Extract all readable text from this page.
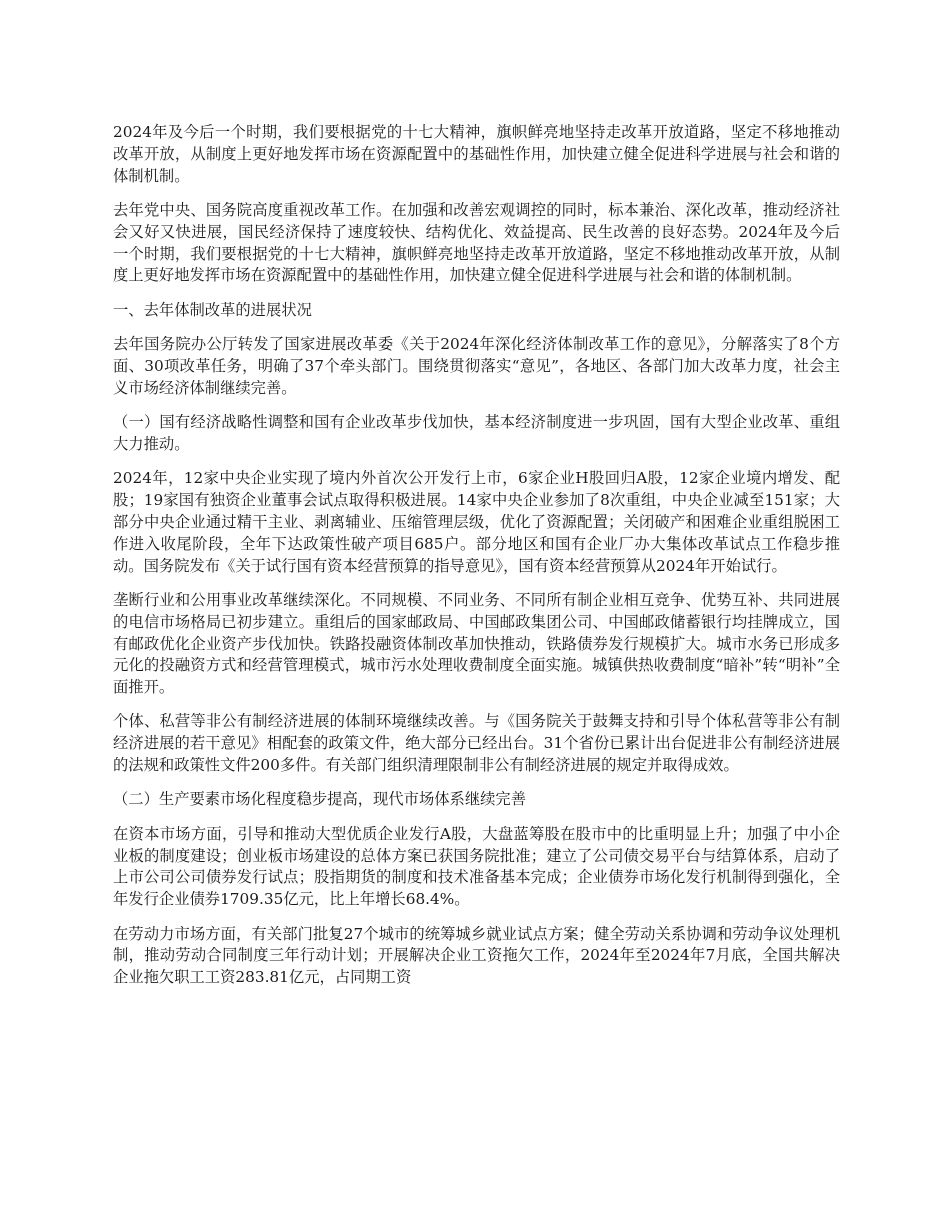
2024年及今后一个时期，我们要根据党的十七大精神，旗帜鲜亮地坚持走改革开放道路，坚定不移地推动改革开放，从制度上更好地发挥市场在资源配置中的基础性作用，加快建立健全促进科学进展与社会和谐的体制机制。

去年党中央、国务院高度重视改革工作。在加强和改善宏观调控的同时，标本兼治、深化改革，推动经济社会又好又快进展，国民经济保持了速度较快、结构优化、效益提高、民生改善的良好态势。2024年及今后一个时期，我们要根据党的十七大精神，旗帜鲜亮地坚持走改革开放道路，坚定不移地推动改革开放，从制度上更好地发挥市场在资源配置中的基础性作用，加快建立健全促进科学进展与社会和谐的体制机制。

一、去年体制改革的进展状况

去年国务院办公厅转发了国家进展改革委《关于2024年深化经济体制改革工作的意见》，分解落实了8个方面、30项改革任务，明确了37个牵头部门。围绕贯彻落实“意见”，各地区、各部门加大改革力度，社会主义市场经济体制继续完善。

（一）国有经济战略性调整和国有企业改革步伐加快，基本经济制度进一步巩固，国有大型企业改革、重组大力推动。

2024年，12家中央企业实现了境内外首次公开发行上市，6家企业H股回归A股，12家企业境内增发、配股；19家国有独资企业董事会试点取得积极进展。14家中央企业参加了8次重组，中央企业减至151家；大部分中央企业通过精干主业、剥离辅业、压缩管理层级，优化了资源配置；关闭破产和困难企业重组脱困工作进入收尾阶段，全年下达政策性破产项目685户。部分地区和国有企业厂办大集体改革试点工作稳步推动。国务院发布《关于试行国有资本经营预算的指导意见》，国有资本经营预算从2024年开始试行。

垄断行业和公用事业改革继续深化。不同规模、不同业务、不同所有制企业相互竞争、优势互补、共同进展的电信市场格局已初步建立。重组后的国家邮政局、中国邮政集团公司、中国邮政储蓄银行均挂牌成立，国有邮政优化企业资产步伐加快。铁路投融资体制改革加快推动，铁路债券发行规模扩大。城市水务已形成多元化的投融资方式和经营管理模式，城市污水处理收费制度全面实施。城镇供热收费制度“暗补”转“明补”全面推开。

个体、私营等非公有制经济进展的体制环境继续改善。与《国务院关于鼓舞支持和引导个体私营等非公有制经济进展的若干意见》相配套的政策文件，绝大部分已经出台。31个省份已累计出台促进非公有制经济进展的法规和政策性文件200多件。有关部门组织清理限制非公有制经济进展的规定并取得成效。

（二）生产要素市场化程度稳步提高，现代市场体系继续完善

在资本市场方面，引导和推动大型优质企业发行A股，大盘蓝筹股在股市中的比重明显上升；加强了中小企业板的制度建设；创业板市场建设的总体方案已获国务院批准；建立了公司债交易平台与结算体系，启动了上市公司公司债券发行试点；股指期货的制度和技术准备基本完成；企业债券市场化发行机制得到强化，全年发行企业债券1709.35亿元，比上年增长68.4%。

在劳动力市场方面，有关部门批复27个城市的统筹城乡就业试点方案；健全劳动关系协调和劳动争议处理机制，推动劳动合同制度三年行动计划；开展解决企业工资拖欠工作，2024年至2024年7月底，全国共解决企业拖欠职工工资283.81亿元，占同期工资
